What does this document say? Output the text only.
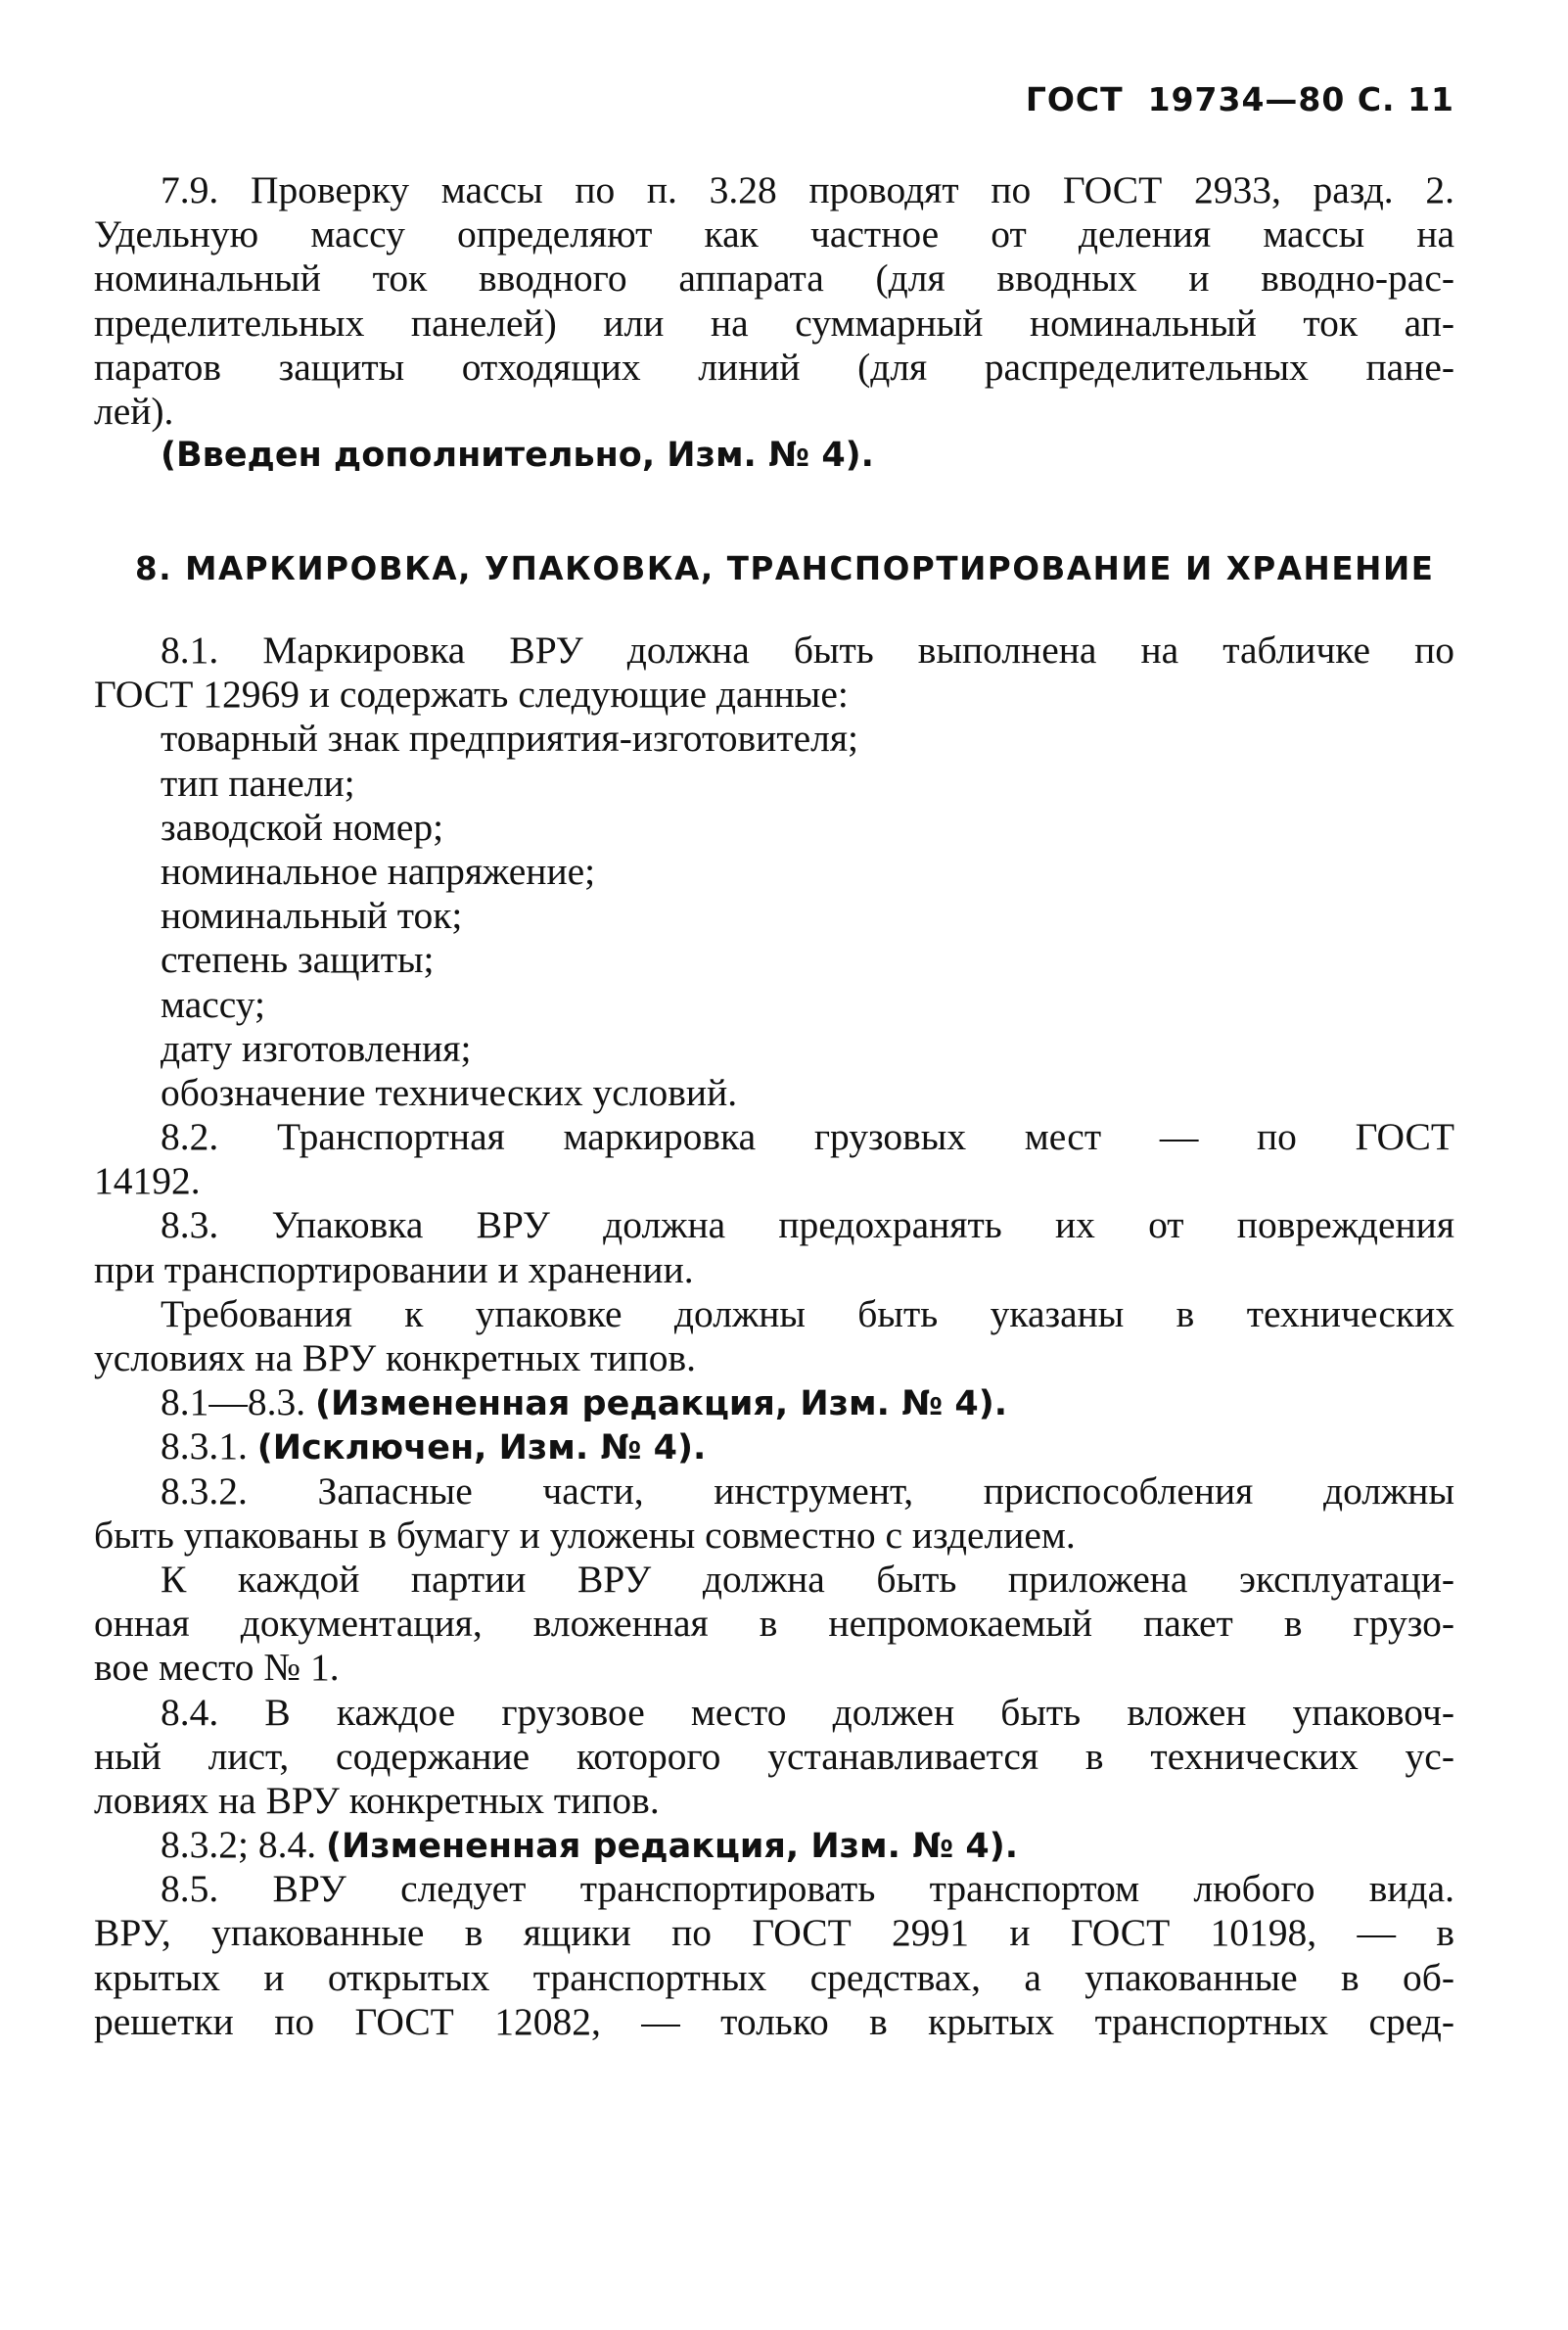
ГОСТ  19734—80 С. 11
7.9. Проверку массы по п. 3.28 проводят по ГОСТ 2933, разд. 2.
Удельную массу определяют как частное от деления массы на
номинальный ток вводного аппарата (для вводных и вводно-рас-
пределительных панелей) или на суммарный номинальный ток ап-
паратов защиты отходящих линий (для распределительных пане-
лей).
(Введен дополнительно, Изм. № 4).
8. МАРКИРОВКА, УПАКОВКА, ТРАНСПОРТИРОВАНИЕ И ХРАНЕНИЕ
8.1. Маркировка ВРУ должна быть выполнена на табличке по
ГОСТ 12969 и содержать следующие данные:
товарный знак предприятия-изготовителя;
тип панели;
заводской номер;
номинальное напряжение;
номинальный ток;
степень защиты;
массу;
дату изготовления;
обозначение технических условий.
8.2. Транспортная маркировка грузовых мест — по ГОСТ
14192.
8.3. Упаковка ВРУ должна предохранять их от повреждения
при транспортировании и хранении.
Требования к упаковке должны быть указаны в технических
условиях на ВРУ конкретных типов.
8.1—8.3. (Измененная редакция, Изм. № 4).
8.3.1. (Исключен, Изм. № 4).
8.3.2. Запасные части, инструмент, приспособления должны
быть упакованы в бумагу и уложены совместно с изделием.
К каждой партии ВРУ должна быть приложена эксплуатаци-
онная документация, вложенная в непромокаемый пакет в грузо-
вое место № 1.
8.4. В каждое грузовое место должен быть вложен упаковоч-
ный лист, содержание которого устанавливается в технических ус-
ловиях на ВРУ конкретных типов.
8.3.2; 8.4. (Измененная редакция, Изм. № 4).
8.5. ВРУ следует транспортировать транспортом любого вида.
ВРУ, упакованные в ящики по ГОСТ 2991 и ГОСТ 10198, — в
крытых и открытых транспортных средствах, а упакованные в об-
решетки по ГОСТ 12082, — только в крытых транспортных сред-
